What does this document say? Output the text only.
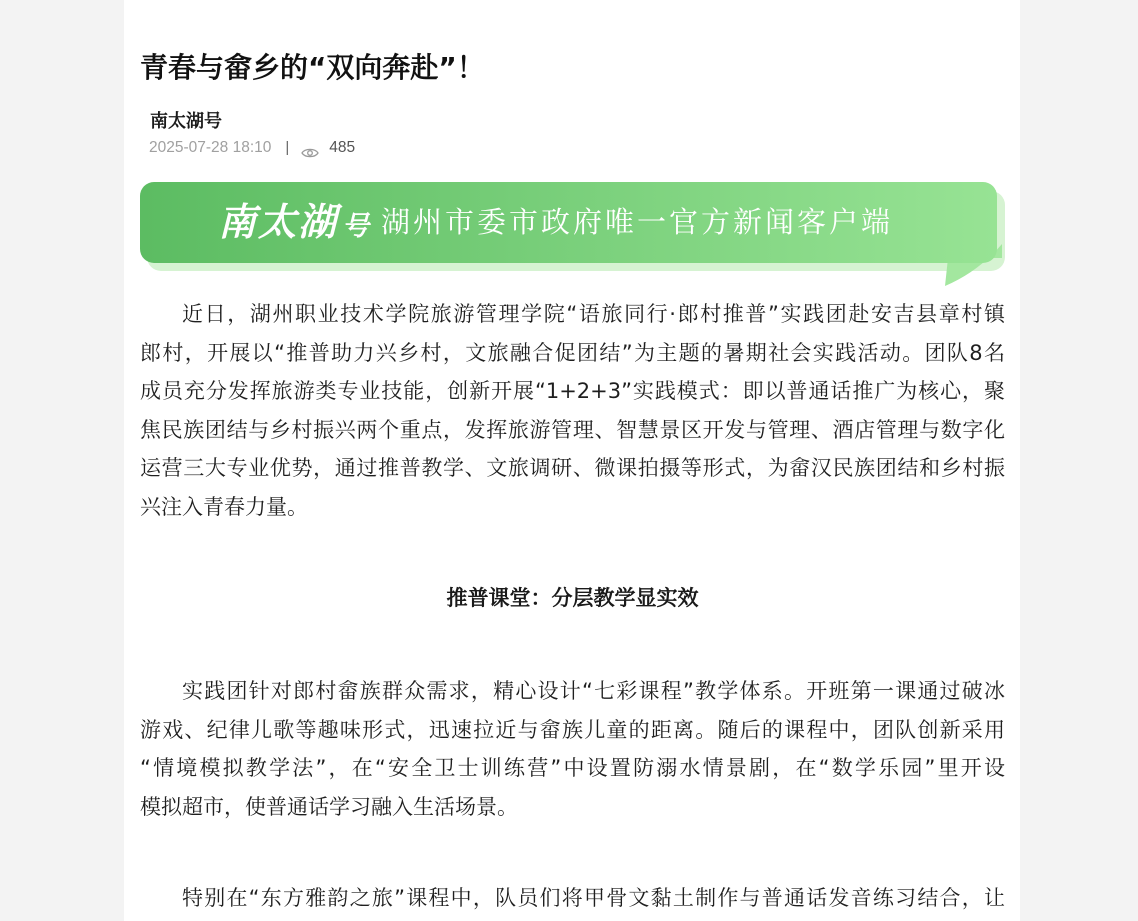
青春与畲乡的“双向奔赴”！
南太湖号
2025-07-28 18:10 |	485
南太湖 号 湖州市委市政府唯一官方新闻客户端
近日，湖州职业技术学院旅游管理学院“语旅同行·郎村推普”实践团赴安吉县章村镇
郎村，开展以“推普助力兴乡村，文旅融合促团结”为主题的暑期社会实践活动。团队8名
成员充分发挥旅游类专业技能，创新开展“1+2+3”实践模式：即以普通话推广为核心，聚
焦民族团结与乡村振兴两个重点，发挥旅游管理、智慧景区开发与管理、酒店管理与数字化
运营三大专业优势，通过推普教学、文旅调研、微课拍摄等形式，为畲汉民族团结和乡村振
兴注入青春力量。
推普课堂：分层教学显实效
实践团针对郎村畲族群众需求，精心设计“七彩课程”教学体系。开班第一课通过破冰
游戏、纪律儿歌等趣味形式，迅速拉近与畲族儿童的距离。随后的课程中，团队创新采用
“情境模拟教学法”，在“安全卫士训练营”中设置防溺水情景剧，在“数学乐园”里开设
模拟超市，使普通话学习融入生活场景。
特别在“东方雅韵之旅”课程中，队员们将甲骨文黏土制作与普通话发音练习结合，让
